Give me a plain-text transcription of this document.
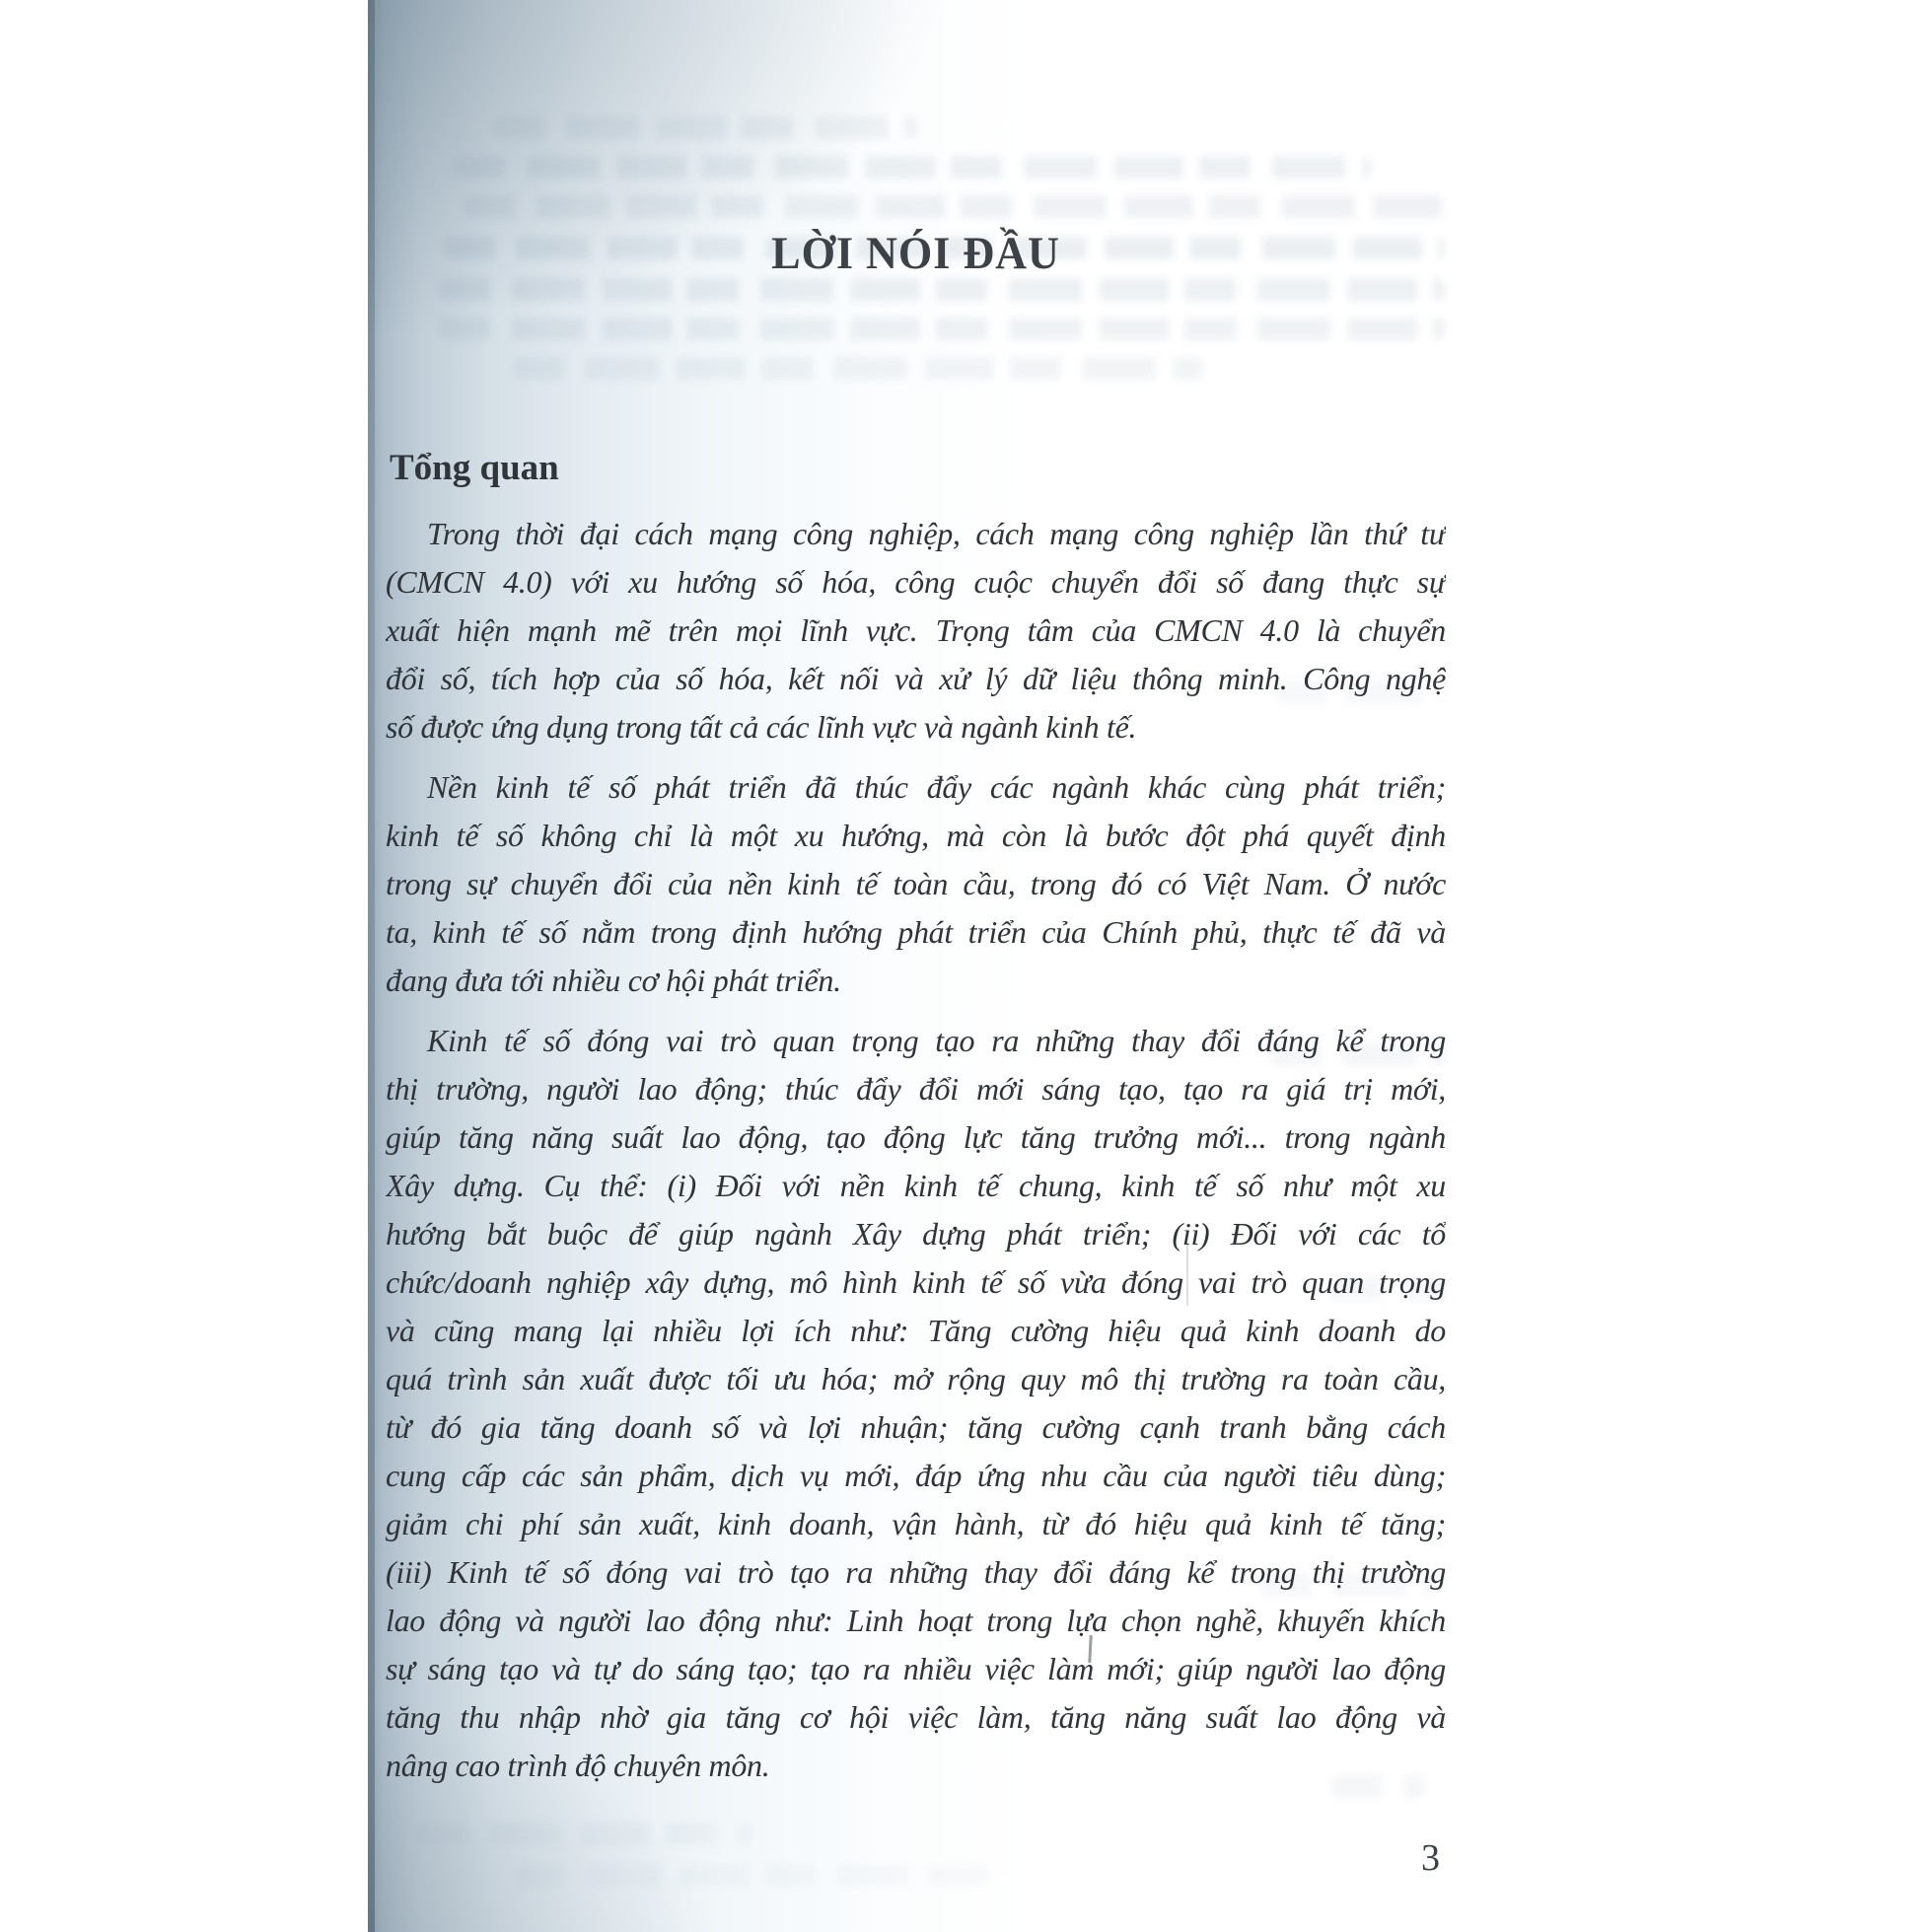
LỜI NÓI ĐẦU
Tổng quan
Trong thời đại cách mạng công nghiệp, cách mạng công nghiệp lần thứ tư
(CMCN 4.0) với xu hướng số hóa, công cuộc chuyển đổi số đang thực sự
xuất hiện mạnh mẽ trên mọi lĩnh vực. Trọng tâm của CMCN 4.0 là chuyển
đổi số, tích hợp của số hóa, kết nối và xử lý dữ liệu thông minh. Công nghệ
số được ứng dụng trong tất cả các lĩnh vực và ngành kinh tế.
Nền kinh tế số phát triển đã thúc đẩy các ngành khác cùng phát triển;
kinh tế số không chỉ là một xu hướng, mà còn là bước đột phá quyết định
trong sự chuyển đổi của nền kinh tế toàn cầu, trong đó có Việt Nam. Ở nước
ta, kinh tế số nằm trong định hướng phát triển của Chính phủ, thực tế đã và
đang đưa tới nhiều cơ hội phát triển.
Kinh tế số đóng vai trò quan trọng tạo ra những thay đổi đáng kể trong
thị trường, người lao động; thúc đẩy đổi mới sáng tạo, tạo ra giá trị mới,
giúp tăng năng suất lao động, tạo động lực tăng trưởng mới... trong ngành
Xây dựng. Cụ thể: (i) Đối với nền kinh tế chung, kinh tế số như một xu
hướng bắt buộc để giúp ngành Xây dựng phát triển; (ii) Đối với các tổ
chức/doanh nghiệp xây dựng, mô hình kinh tế số vừa đóng vai trò quan trọng
và cũng mang lại nhiều lợi ích như: Tăng cường hiệu quả kinh doanh do
quá trình sản xuất được tối ưu hóa; mở rộng quy mô thị trường ra toàn cầu,
từ đó gia tăng doanh số và lợi nhuận; tăng cường cạnh tranh bằng cách
cung cấp các sản phẩm, dịch vụ mới, đáp ứng nhu cầu của người tiêu dùng;
giảm chi phí sản xuất, kinh doanh, vận hành, từ đó hiệu quả kinh tế tăng;
(iii) Kinh tế số đóng vai trò tạo ra những thay đổi đáng kể trong thị trường
lao động và người lao động như: Linh hoạt trong lựa chọn nghề, khuyến khích
sự sáng tạo và tự do sáng tạo; tạo ra nhiều việc làm mới; giúp người lao động
tăng thu nhập nhờ gia tăng cơ hội việc làm, tăng năng suất lao động và
nâng cao trình độ chuyên môn.
3
